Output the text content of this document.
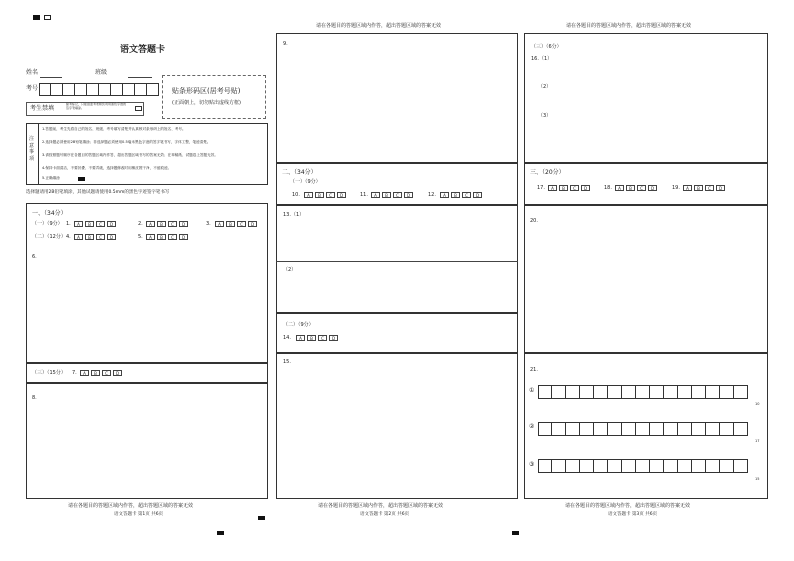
语文答题卡
姓名	班级
考号
考生禁填
缺考标记，只能由监考老师负责用黑色字迹的签字笔填涂。
贴条形码区(居考号贴)
(正面朝上，切勿贴出虚线方框)
注意事项
1.答题前，考生先将自己的姓名、班级、考号填写清楚并认真核对条形码上的姓名、考号。
2.选择题必须使用2B铅笔填涂；非选择题必须使用0.5毫米黑色字迹的签字笔书写，字体工整，笔迹清楚。
3.请按照题号顺序在各题目的答题区域内作答，超出答题区域书写的答案无效；在草稿纸、试题卷上答题无效。
4.保持卡面清洁，不要折叠、不要弄破，选择题修改时用橡皮擦干净，不留痕迹。
5.正确填涂
选择题请用2B铅笔填涂，其他试题请使用0.5mm的黑色字迹签字笔书写
一、（34分）
（一）（9分） 1.	A B C D	2.	A B C D	3.	A B C D
（二）（12分） 4.	A B C D	5.	A B C D
6.
（三）（15分） 7.	A B C D
8.
请在各题目的答题区域内作答，超出答题区域的答案无效
语文答题卡 第1页 共6页
请在各题目的答题区域内作答，超出答题区域的答案无效
9.
二、（34分）
（一）（9分）
10.	A B C D	11.	A B C D	12.	A B C D
13.（1）
（2）
（二）（9分）
14.	A B C D
15.
请在各题目的答题区域内作答，超出答题区域的答案无效
语文答题卡 第2页 共6页
请在各题目的答题区域内作答，超出答题区域的答案无效
（三）（6分）
16.（1）
（2）
（3）
三、（20分）
17.	A B C D	18.	A B C D	19.	A B C D
20.
21.
①
10
②
17
③
15
请在各题目的答题区域内作答，超出答题区域的答案无效
语文答题卡 第3页 共6页
